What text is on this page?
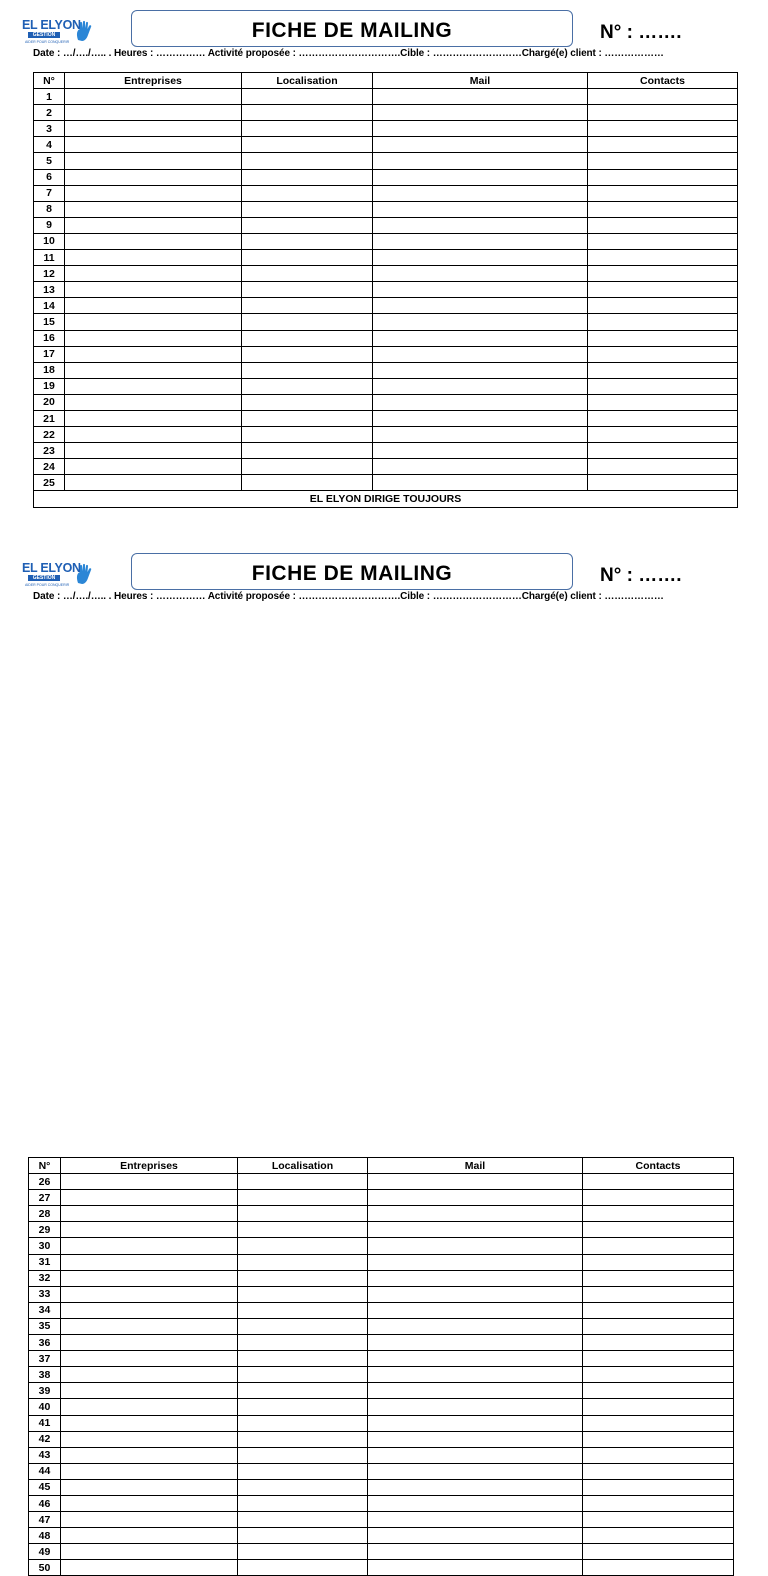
EL ELYON
GESTION
AIDER POUR CONQUERIR	FICHE DE MAILING	N° : …….
Date : …/…./….. . Heures : …………… Activité proposée : ………………………….Cible : ………………………Chargé(e) client : ………………
N°	Entreprises	Localisation	Mail	Contacts
1				
2				
3				
4				
5				
6				
7				
8				
9				
10				
11				
12				
13				
14				
15				
16				
17				
18				
19				
20				
21				
22				
23				
24				
25				
EL ELYON DIRIGE TOUJOURS				
EL ELYON
GESTION
AIDER POUR CONQUERIR	FICHE DE MAILING	N° : …….
Date : …/…./….. . Heures : …………… Activité proposée : ………………………….Cible : ………………………Chargé(e) client : ………………
N°	Entreprises	Localisation	Mail	Contacts
26				
27				
28				
29				
30				
31				
32				
33				
34				
35				
36				
37				
38				
39				
40				
41				
42				
43				
44				
45				
46				
47				
48				
49				
50				
